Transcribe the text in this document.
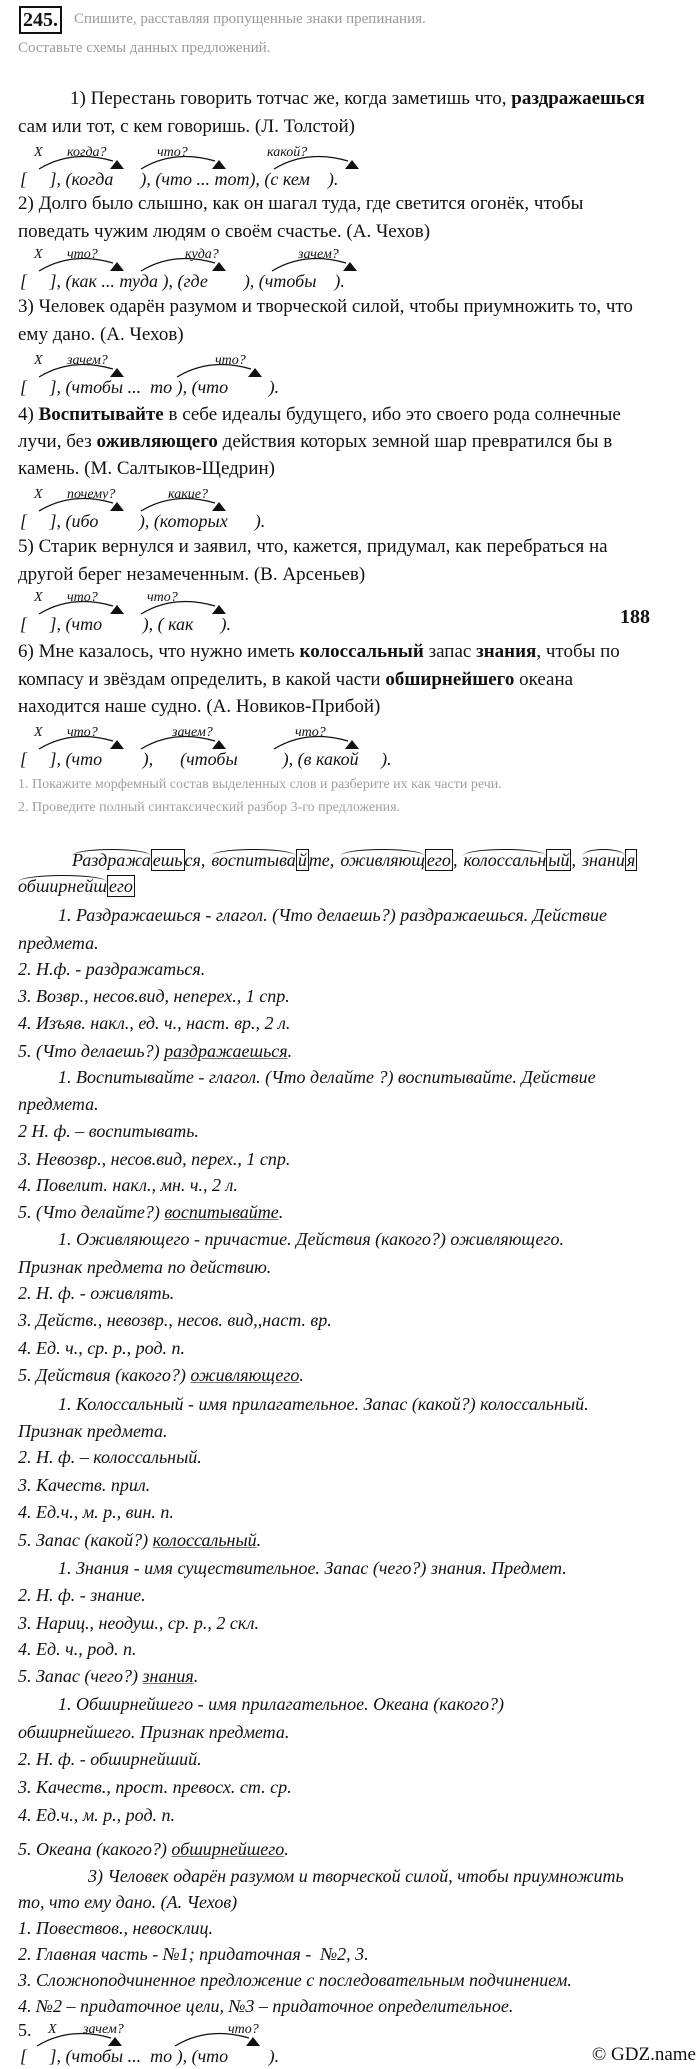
245. Спишите, расставляя пропущенные знаки препинания.
Составьте схемы данных предложений.
1) Перестань говорить тотчас же, когда заметишь что, раздражаешься
сам или тот, с кем говоришь. (Л. Толстой)
X когда?	что?	какой?
[     ], (когда      ), (что ... тот), (с кем    ).
2) Долго было слышно, как он шагал туда, где светится огонёк, чтобы
поведать чужим людям о своём счастье. (А. Чехов)
X что?	куда?	зачем?
[     ], (как ... туда ), (где        ), (чтобы    ).
3) Человек одарён разумом и творческой силой, чтобы приумножить то, что
ему дано. (А. Чехов)
X зачем?	что?
[     ], (чтобы ...  то ), (что         ).
4) Воспитывайте в себе идеалы будущего, ибо это своего рода солнечные
лучи, без оживляющего действия которых земной шар превратился бы в
камень. (М. Салтыков-Щедрин)
X почему?	какие?
[     ], (ибо         ), (которых      ).
5) Старик вернулся и заявил, что, кажется, придумал, как перебраться на
другой берег незамеченным. (В. Арсеньев)
X что?	что?
[     ], (что         ), ( как      ).
6) Мне казалось, что нужно иметь колоссальный запас знания, чтобы по
компасу и звёздам определить, в какой части обширнейшего океана
находится наше судно. (А. Новиков-Прибой)
X что?	зачем?	что?
[     ], (что         ),      (чтобы          ), (в какой     ).
1. Покажите морфемный состав выделенных слов и разберите их как части речи.
2. Проведите полный синтаксический разбор 3-го предложения.
Раздража ешь ся, воспитыва й те, оживляющ его , колоссальн ый , знани я
обширнейш его
1. Раздражаешься - глагол. (Что делаешь?) раздражаешься. Действие
предмета.
2. Н.ф. - раздражаться.
3. Возвр., несов.вид, неперех., 1 спр.
4. Изъяв. накл., ед. ч., наст. вр., 2 л.
5. (Что делаешь?) раздражаешься.
1. Воспитывайте - глагол. (Что делайте ?) воспитывайте. Действие
предмета.
2 Н. ф. – воспитывать.
3. Невозвр., несов.вид, перех., 1 спр.
4. Повелит. накл., мн. ч., 2 л.
5. (Что делайте?) воспитывайте.
1. Оживляющего - причастие. Действия (какого?) оживляющего.
Признак предмета по действию.
2. Н. ф. - оживлять.
3. Действ., невозвр., несов. вид,,наст. вр.
4. Ед. ч., ср. р., род. п.
5. Действия (какого?) оживляющего.
1. Колоссальный - имя прилагательное. Запас (какой?) колоссальный.
Признак предмета.
2. Н. ф. – колоссальный.
3. Качеств. прил.
4. Ед.ч., м. р., вин. п.
5. Запас (какой?) колоссальный.
1. Знания - имя существительное. Запас (чего?) знания. Предмет.
2. Н. ф. - знание.
3. Нариц., неодуш., ср. р., 2 скл.
4. Ед. ч., род. п.
5. Запас (чего?) знания.
1. Обширнейшего - имя прилагательное. Океана (какого?)
обширнейшего. Признак предмета.
2. Н. ф. - обширнейший.
3. Качеств., прост. превосх. ст. ср.
4. Ед.ч., м. р., род. п.
5. Океана (какого?) обширнейшего.
3) Человек одарён разумом и творческой силой, чтобы приумножить
то, что ему дано. (А. Чехов)
1. Повествов., невосклиц.
2. Главная часть - №1; придаточная -  №2, 3.
3. Сложноподчиненное предложение с последовательным подчинением.
4. №2 – придаточное цели, №3 – придаточное определительное.
5. X зачем?	что?
[     ], (чтобы ...  то ), (что         ).
188
© GDZ.name
